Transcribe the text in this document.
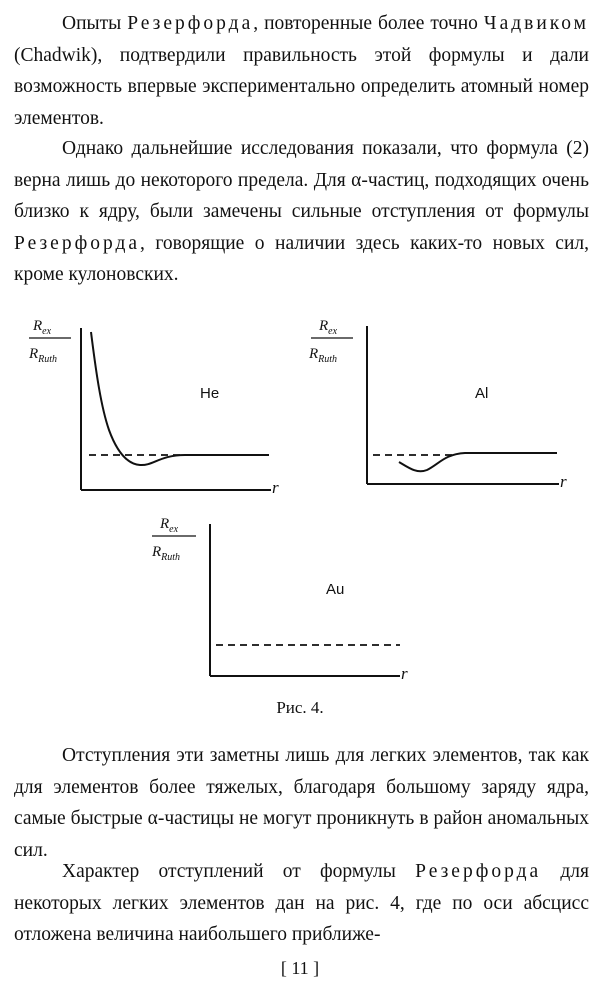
Опыты Резерфорда, повторенные более точно Чадвиком (Chadwik), подтвердили правильность этой формулы и дали возможность впервые экспериментально определить атомный номер элементов.

Однако дальнейшие исследования показали, что формула (2) верна лишь до некоторого предела. Для α-частиц, подходящих очень близко к ядру, были замечены сильные отступления от формулы Резерфорда, говорящие о наличии здесь каких-то новых сил, кроме кулоновских.

$R_{ex}$
$R_{Ruth}$
r
He
$R_{ex}$
$R_{Ruth}$
r
Al
$R_{ex}$
$R_{Ruth}$
r
Au
Рис. 4.

Отступления эти заметны лишь для легких элементов, так как для элементов более тяжелых, благодаря большому заряду ядра, самые быстрые α-частицы не могут проникнуть в район аномальных сил.

Характер отступлений от формулы Резерфорда для некоторых легких элементов дан на рис. 4, где по оси абсцисс отложена величина наибольшего приближе-

[ 11 ]
